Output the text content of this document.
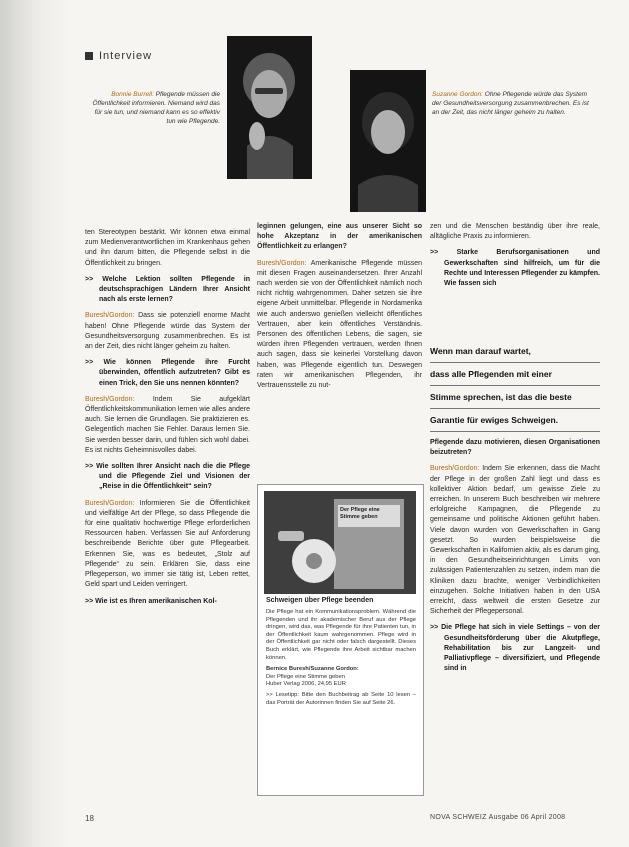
Interview
Bonnie Burrell: Pflegende müssen die Öffentlichkeit informieren. Niemand wird das für sie tun, und niemand kann es so effektiv tun wie Pflegende.
Suzanne Gordon: Ohne Pflegende würde das System der Gesundheitsversorgung zusammenbrechen. Es ist an der Zeit, das nicht länger geheim zu halten.

ten Stereotypen bestärkt. Wir können etwa einmal zum Medienverantwortlichen im Krankenhaus gehen und ihn darum bitten, die Pflegende selbst in die Öffentlichkeit zu bringen.

>> Welche Lektion sollten Pflegende in deutschsprachigen Ländern Ihrer Ansicht nach als erste lernen?

Buresh/Gordon: Dass sie potenziell enorme Macht haben! Ohne Pflegende würde das System der Gesundheitsversorgung zusammenbrechen. Es ist an der Zeit, dies nicht länger geheim zu halten.

>> Wie können Pflegende ihre Furcht überwinden, öffentlich aufzutreten? Gibt es einen Trick, den Sie uns nennen könnten?

Buresh/Gordon:	Indem Sie aufgeklärt Öffentlichkeitskommunikation lernen wie alles andere auch. Sie lernen die Grundlagen. Sie praktizieren es. Gelegentlich machen Sie Fehler. Daraus lernen Sie. Sie werden besser darin, und fühlen sich wohl dabei. Es ist nichts Geheimnisvolles dabei.

>> Wie sollten Ihrer Ansicht nach die die Pflege und die Pflegende Ziel und Visionen der „Reise in die Öffentlichkeit“ sein?

Buresh/Gordon: Informieren Sie die Öffentlichkeit und vielfältige Art der Pflege, so dass Pflegende die für eine qualitativ hochwertige Pflege erforderlichen Ressourcen haben. Verfassen Sie auf Anforderung beschreibende Berichte über gute Pflegearbeit. Erkennen Sie, was es bedeutet, „Stolz auf Pflegende“ zu sein. Erklären Sie, dass eine Pflegeperson, wo immer sie tätig ist, Leben rettet, Geld spart und Leiden verringert.

>> Wie ist es Ihren amerikanischen Kol-

leginnen gelungen, eine aus unserer Sicht so hohe Akzeptanz in der amerikanischen Öffentlichkeit zu erlangen?

Buresh/Gordon: Amerikanische Pflegende müssen mit diesen Fragen auseinandersetzen. Ihrer Anzahl nach werden sie von der Öffentlichkeit nämlich noch nicht richtig wahrgenommen. Daher setzen sie ihre eigene Arbeit unmittelbar. Pflegende in Nordamerika wie auch anderswo genießen vielleicht öffentliches Vertrauen, aber kein öffentliches Verständnis. Personen des öffentlichen Lebens, die sagen, sie würden ihren Pflegenden vertrauen, werden Ihnen auch sagen, dass sie keinerlei Vorstellung davon haben, was Pflegende eigentlich tun. Deswegen raten wir amerikanischen Pflegenden, ihr Vertrauensstelle zu nut-

Der Pflege eine Stimme geben
Schweigen über Pflege beenden
Die Pflege hat ein Kommunikationsproblem. Während die Pflegenden und ihr akademischer Beruf aus der Pflege dringen, wird das, was Pflegende für ihre Patienten tun, in der Öffentlichkeit kaum wahrgenommen. Pflege wird in der Öffentlichkeit gar nicht oder falsch dargestellt. Dieses Buch erklärt, wie Pflegende ihre Arbeit sichtbar machen können.
Bernice Buresh/Suzanne Gordon:
Der Pflege eine Stimme geben
Huber Verlag 2006, 24,95 EUR
>> Lesetipp: Bitte den Buchbeitrag ab Seite 10 lesen – das Porträt der Autorinnen finden Sie auf Seite 26.

zen und die Menschen beständig über ihre reale, alltägliche Praxis zu informieren.

>> Starke Berufsorganisationen und Gewerkschaften sind hilfreich, um für die Rechte und Interessen Pflegender zu kämpfen. Wie fassen sich

Wenn man darauf wartet,
dass alle Pflegenden mit einer
Stimme sprechen, ist das die beste
Garantie für ewiges Schweigen.

Pflegende dazu motivieren, diesen Organisationen beizutreten?

Buresh/Gordon: Indem Sie erkennen, dass die Macht der Pflege in der großen Zahl liegt und dass es kollektiver Aktion bedarf, um gewisse Ziele zu erreichen. In unserem Buch beschreiben wir mehrere erfolgreiche Kampagnen, die Pflegende zu gemeinsame und politische Aktionen geführt haben. Viele davon wurden von Gewerkschaften in Gang gesetzt. So wurden beispielsweise die Gewerkschaften in Kalifornien aktiv, als es darum ging, in den Gesundheitseinrichtungen Limits von zulässigen Patientenzahlen zu setzen, indem man die Kliniken dazu brachte, weniger Verbindlichkeiten einzugehen. Solche Initiativen haben in den USA erreicht, dass weltweit die ersten Gesetze zur Sicherheit der Pflegepersonal.

>> Die Pflege hat sich in viele Settings – von der Gesundheitsförderung über die Akutpflege, Rehabilitation bis zur Langzeit- und Palliativpflege – diversifiziert, und Pflegende sind in

18	NOVA SCHWEIZ Ausgabe 06 April 2008
